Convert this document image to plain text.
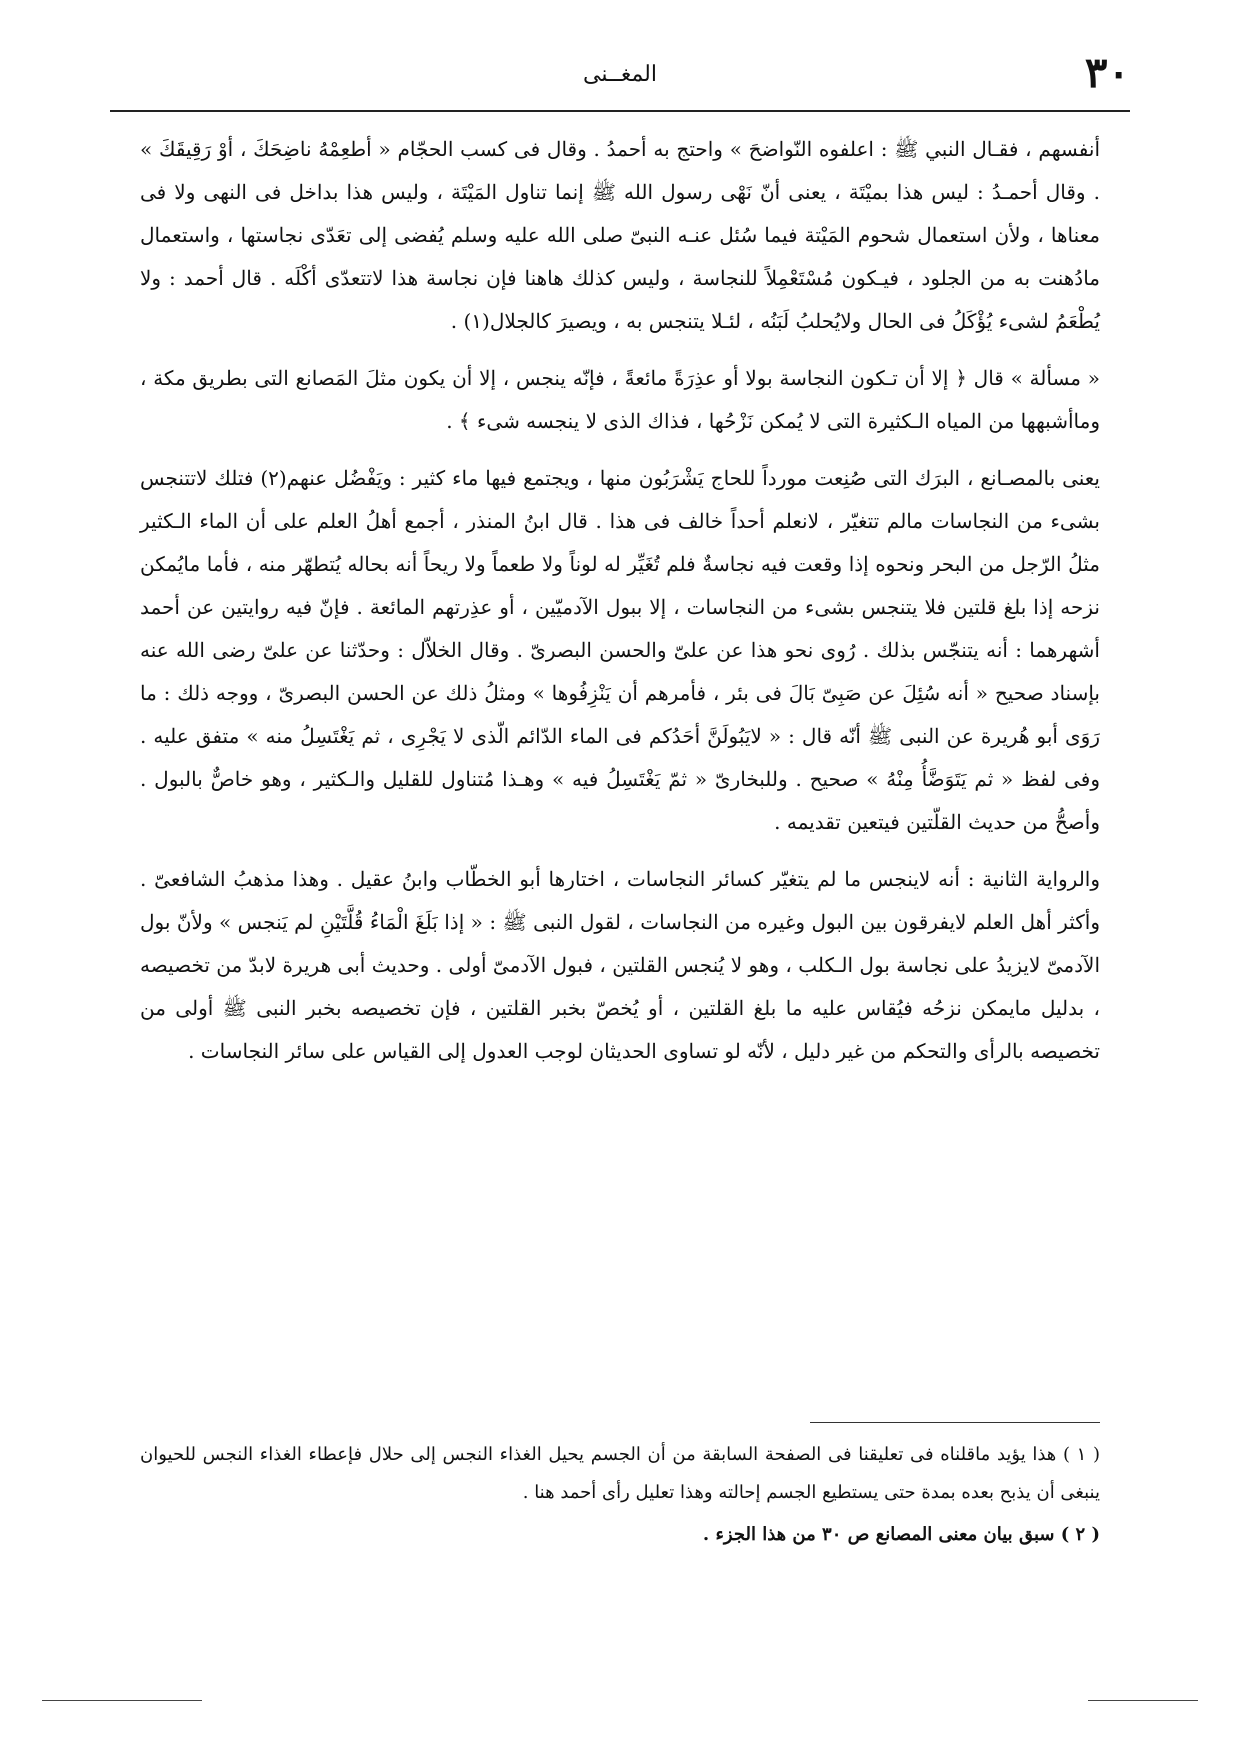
٣٠
المغــنى

أنفسهم ، فقـال النبي ﷺ : اعلفوه النّواضحَ » واحتج به أحمدُ . وقال فى كسب الحجّام « أطعِمْهُ ناضِحَكَ ، أوْ رَقِيقَكَ » . وقال أحمـدُ : ليس هذا بميْتَة ، يعنى أنّ نَهْى رسول الله ﷺ إنما تناول المَيْتَة ، وليس هذا بداخل فى النهى ولا فى معناها ، ولأن استعمال شحوم المَيْتة فيما سُئل عنـه النبىّ صلى الله عليه وسلم يُفضى إلى تعَدّى نجاستها ، واستعمال مادُهنت به من الجلود ، فيـكون مُسْتَعْمِلاً للنجاسة ، وليس كذلك هاهنا فإن نجاسة هذا لاتتعدّى أكْلَه . قال أحمد : ولا يُطْعَمُ لشىء يُؤْكَلُ فى الحال ولايُحلبُ لَبَنُه ، لئـلا يتنجس به ، ويصيرَ كالجلال(١) .

« مسألة » قال ﴿ إلا أن تـكون النجاسة بولا أو عذِرَةً مائعةً ، فإنّه ينجس ، إلا أن يكون مثلَ المَصانع التى بطريق مكة ، وماأشبهها من المياه الـكثيرة التى لا يُمكن نَزْحُها ، فذاك الذى لا ينجسه شىء ﴾ .

يعنى بالمصـانع ، البرَك التى صُنِعت مورداً للحاج يَشْرَبُون منها ، ويجتمع فيها ماء كثير : ويَفْضُل عنهم(٢) فتلك لاتتنجس بشىء من النجاسات مالم تتغيّر ، لانعلم أحداً خالف فى هذا . قال ابنُ المنذر ، أجمع أهلُ العلم على أن الماء الـكثير مثلُ الرّجل من البحر ونحوه إذا وقعت فيه نجاسةٌ فلم تُغَيِّر له لوناً ولا طعماً ولا ريحاً أنه بحاله يُتطهّر منه ، فأما مايُمكن نزحه إذا بلغ قلتين فلا يتنجس بشىء من النجاسات ، إلا ببول الآدميّين ، أو عذِرتهم المائعة . فإنّ فيه روايتين عن أحمد أشهرهما : أنه يتنجّس بذلك . رُوى نحو هذا عن علىّ والحسن البصرىّ . وقال الخلاّل : وحدّثنا عن علىّ رضى الله عنه بإسناد صحيح « أنه سُئِلَ عن صَبِىّ بَالَ فى بئر ، فأمرهم أن يَنْزِفُوها » ومثلُ ذلك عن الحسن البصرىّ ، ووجه ذلك : ما رَوَى أبو هُريرة عن النبى ﷺ أنّه قال : « لايَبُولَنَّ أحَدُكم فى الماء الدّائم الّذى لا يَجْرِى ، ثم يَغْتَسِلُ منه » متفق عليه . وفى لفظ « ثم يَتَوَضَّأُ مِنْهُ » صحيح . وللبخارىّ « ثمّ يَغْتَسِلُ فيه » وهـذا مُتناول للقليل والـكثير ، وهو خاصٌّ بالبول . وأصحُّ من حديث القلّتين فيتعين تقديمه .

والرواية الثانية : أنه لاينجس ما لم يتغيّر كسائر النجاسات ، اختارها أبو الخطّاب وابنُ عقيل . وهذا مذهبُ الشافعىّ . وأكثر أهل العلم لايفرقون بين البول وغيره من النجاسات ، لقول النبى ﷺ : « إذا بَلَغَ الْمَاءُ قُلَّتَيْنِ لم يَنجس » ولأنّ بول الآدمىّ لايزيدُ على نجاسة بول الـكلب ، وهو لا يُنجس القلتين ، فبول الآدمىّ أولى . وحديث أبى هريرة لابدّ من تخصيصه ، بدليل مايمكن نزحُه فيُقاس عليه ما بلغ القلتين ، أو يُخصّ بخبر القلتين ، فإن تخصيصه بخبر النبى ﷺ أولى من تخصيصه بالرأى والتحكم من غير دليل ، لأنّه لو تساوى الحديثان لوجب العدول إلى القياس على سائر النجاسات .

( ١ ) هذا يؤيد ماقلناه فى تعليقنا فى الصفحة السابقة من أن الجسم يحيل الغذاء النجس إلى حلال فإعطاء الغذاء النجس للحيوان ينبغى أن يذبح بعده بمدة حتى يستطيع الجسم إحالته وهذا تعليل رأى أحمد هنا .

( ٢ ) سبق بيان معنى المصانع ص ٣٠ من هذا الجزء .
